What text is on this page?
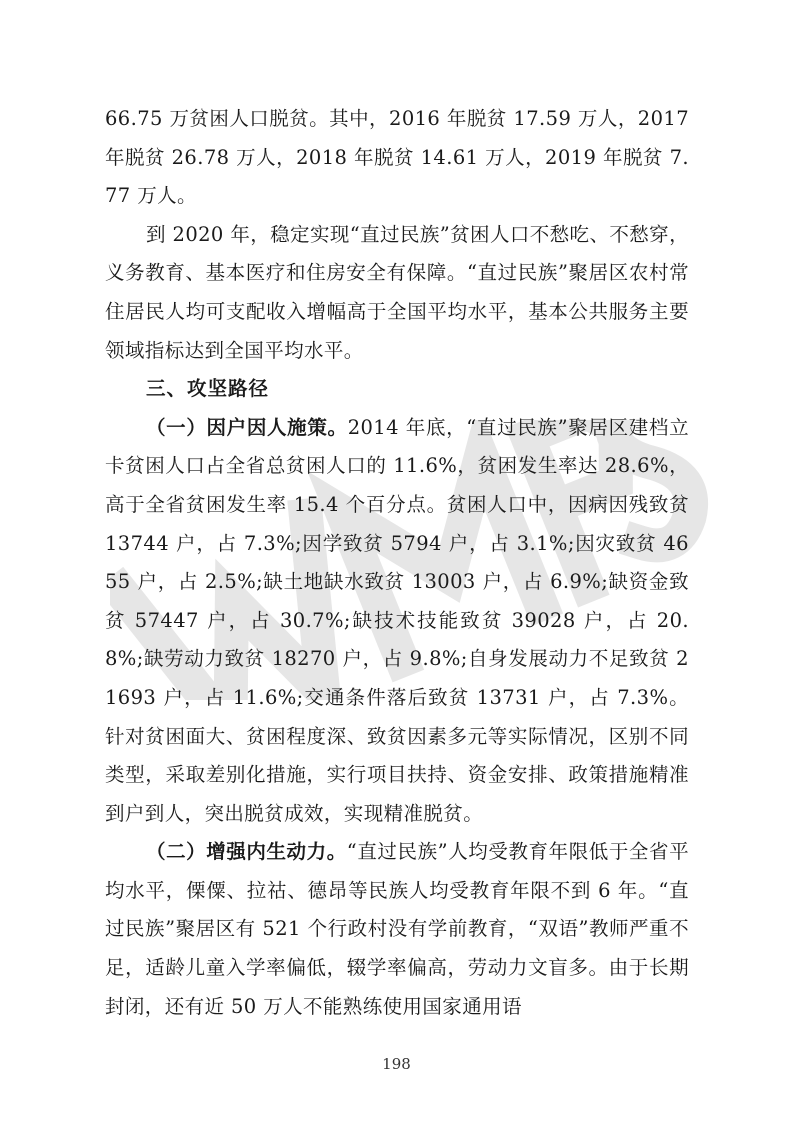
66.75 万贫困人口脱贫。其中，2016 年脱贫 17.59 万人，2017 年脱贫 26.78 万人，2018 年脱贫 14.61 万人，2019 年脱贫 7.77 万人。

到 2020 年，稳定实现“直过民族”贫困人口不愁吃、不愁穿，义务教育、基本医疗和住房安全有保障。“直过民族”聚居区农村常住居民人均可支配收入增幅高于全国平均水平，基本公共服务主要领域指标达到全国平均水平。

三、攻坚路径

（一）因户因人施策。2014 年底，“直过民族”聚居区建档立卡贫困人口占全省总贫困人口的 11.6%，贫困发生率达 28.6%，高于全省贫困发生率 15.4 个百分点。贫困人口中，因病因残致贫 13744 户，占 7.3%;因学致贫 5794 户，占 3.1%;因灾致贫 4655 户，占 2.5%;缺土地缺水致贫 13003 户，占 6.9%;缺资金致贫 57447 户，占 30.7%;缺技术技能致贫 39028 户，占 20.8%;缺劳动力致贫 18270 户，占 9.8%;自身发展动力不足致贫 21693 户，占 11.6%;交通条件落后致贫 13731 户，占 7.3%。针对贫困面大、贫困程度深、致贫因素多元等实际情况，区别不同类型，采取差别化措施，实行项目扶持、资金安排、政策措施精准到户到人，突出脱贫成效，实现精准脱贫。

（二）增强内生动力。“直过民族”人均受教育年限低于全省平均水平，傈僳、拉祜、德昂等民族人均受教育年限不到 6 年。“直过民族”聚居区有 521 个行政村没有学前教育，“双语”教师严重不足，适龄儿童入学率偏低，辍学率偏高，劳动力文盲多。由于长期封闭，还有近 50 万人不能熟练使用国家通用语

198
